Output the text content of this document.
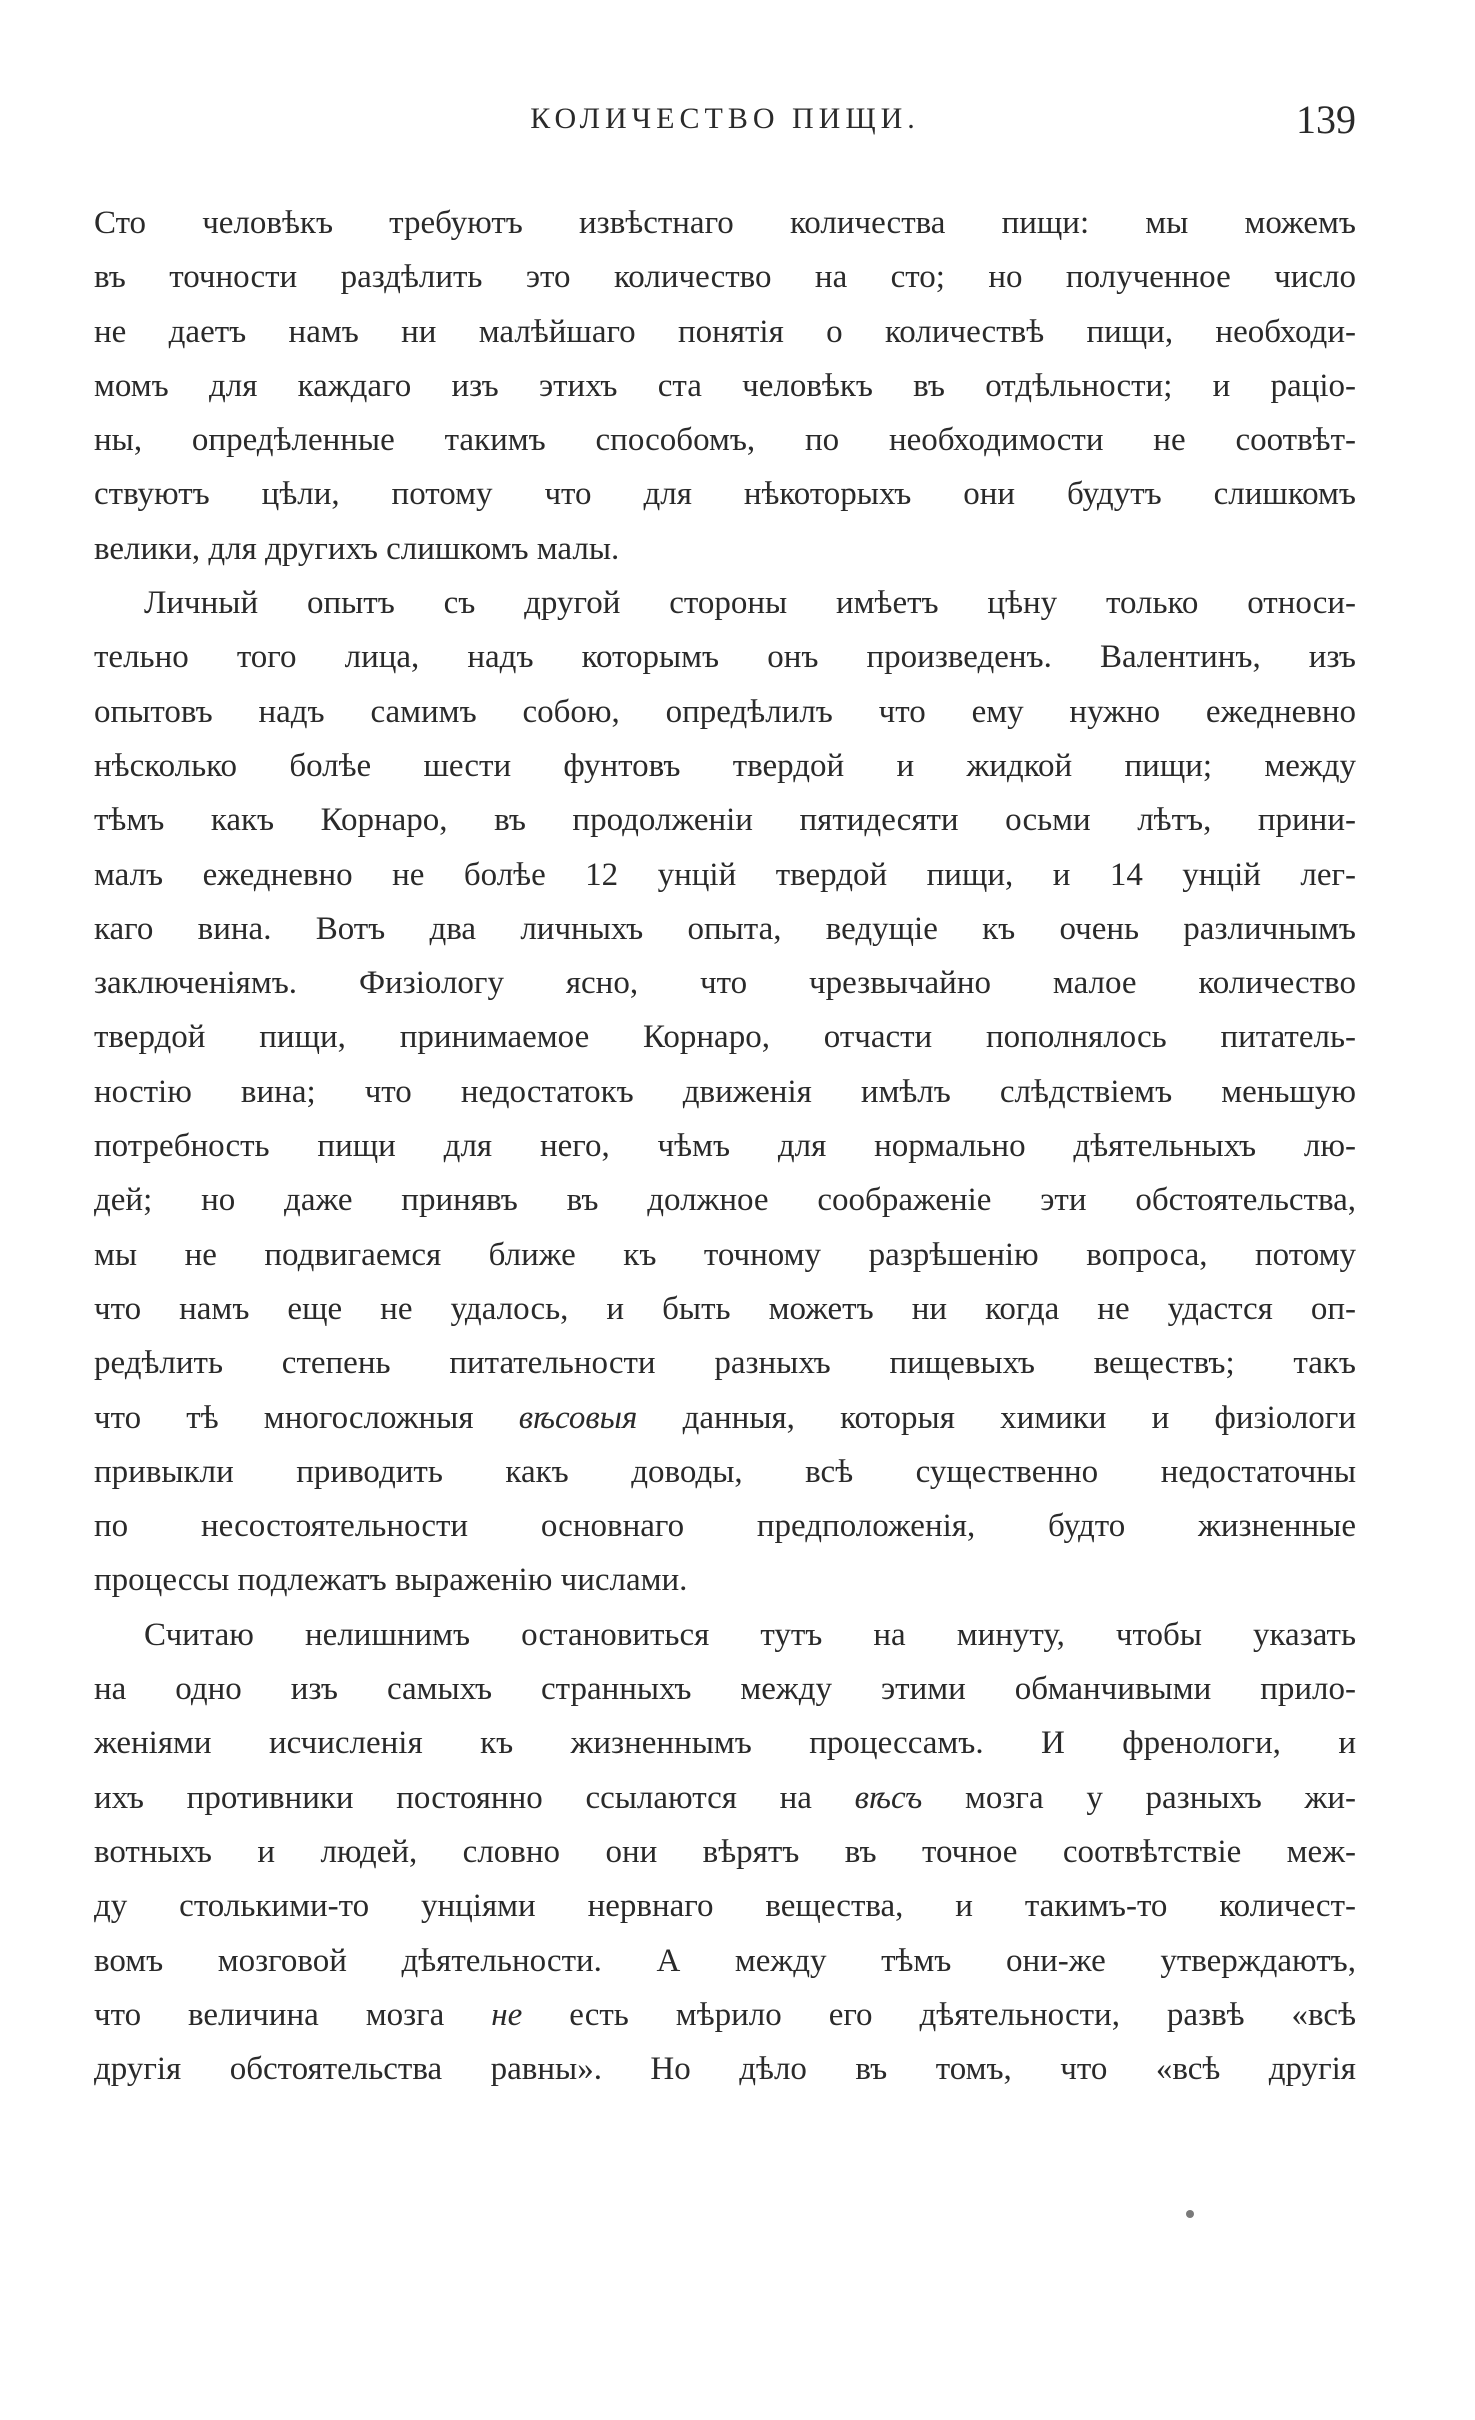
КОЛИЧЕСТВО ПИЩИ.	139
Сто человѣкъ требуютъ извѣстнаго количества пищи: мы можемъ
въ точности раздѣлить это количество на сто; но полученное число
не даетъ намъ ни малѣйшаго понятія о количествѣ пищи, необходи-
момъ для каждаго изъ этихъ ста человѣкъ въ отдѣльности; и раціо-
ны, опредѣленные такимъ способомъ, по необходимости не соотвѣт-
ствуютъ цѣли, потому что для нѣкоторыхъ они будутъ слишкомъ
велики, для другихъ слишкомъ малы.
Личный опытъ съ другой стороны имѣетъ цѣну только относи-
тельно того лица, надъ которымъ онъ произведенъ. Валентинъ, изъ
опытовъ надъ самимъ собою, опредѣлилъ что ему нужно ежедневно
нѣсколько болѣе шести фунтовъ твердой и жидкой пищи; между
тѣмъ какъ Корнаро, въ продолженіи пятидесяти осьми лѣтъ, прини-
малъ ежедневно не болѣе 12 унцій твердой пищи, и 14 унцій лег-
каго вина. Вотъ два личныхъ опыта, ведущіе къ очень различнымъ
заключеніямъ. Физіологу ясно, что чрезвычайно малое количество
твердой пищи, принимаемое Корнаро, отчасти пополнялось питатель-
ностію вина; что недостатокъ движенія имѣлъ слѣдствіемъ меньшую
потребность пищи для него, чѣмъ для нормально дѣятельныхъ лю-
дей; но даже принявъ въ должное соображеніе эти обстоятельства,
мы не подвигаемся ближе къ точному разрѣшенію вопроса, потому
что намъ еще не удалось, и быть можетъ ни когда не удастся оп-
редѣлить степень питательности разныхъ пищевыхъ веществъ; такъ
что тѣ многосложныя вѣсовыя данныя, которыя химики и физіологи
привыкли приводить какъ доводы, всѣ существенно недостаточны
по несостоятельности основнаго предположенія, будто жизненные
процессы подлежатъ выраженію числами.
Считаю нелишнимъ остановиться тутъ на минуту, чтобы указать
на одно изъ самыхъ странныхъ между этими обманчивыми прило-
женіями исчисленія къ жизненнымъ процессамъ. И френологи, и
ихъ противники постоянно ссылаются на вѣсъ мозга у разныхъ жи-
вотныхъ и людей, словно они вѣрятъ въ точное соотвѣтствіе меж-
ду столькими-то унціями нервнаго вещества, и такимъ-то количест-
вомъ мозговой дѣятельности. А между тѣмъ они-же утверждаютъ,
что величина мозга не есть мѣрило его дѣятельности, развѣ «всѣ
другія обстоятельства равны». Но дѣло въ томъ, что «всѣ другія
